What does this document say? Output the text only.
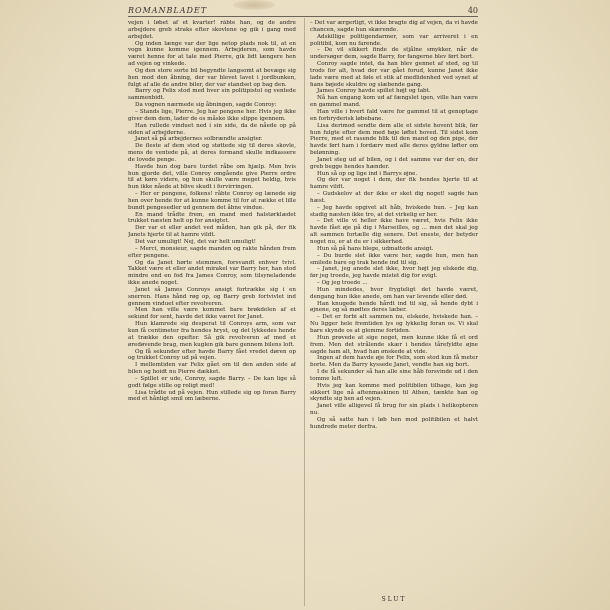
ROMANBLADET	40

vejen i løbet af et kvarter! råbte han, og de andre arbejdere greb straks efter skovlene og gik i gang med arbejdet.

Og inden længe var der lige netop plads nok til, at en vogn kunne komme igennem. Arbejderen, som havde været henne for at tale med Pierre, gik lidt længere hen ad vejen og vinkede.

Og den store sorte bil begyndte langsomt at bevæge sig hen mod den åbning, der var blevet lavet i jordbunken, fulgt af alle de andre biler, der var standset op bag den.

Barry og Felix stod med hver sin politipistol og ventede sammenbidt.

Da vognen nærmede sig åbningen, sagde Conroy:

– Stands lige, Pierre. Jeg har pengene her. Hvis jeg ikke giver dem dem, lader de os måske ikke slippe igennem.

Han rullede vinduet ned i sin side, da de nåede op på siden af arbejderne.

Janet så på arbejdernes solbrændte ansigter.

De fleste af dem stod og støttede sig til deres skovle, mens de ventede på, at deres formand skulle indkassere de lovede penge.

Havde hun dog bare turdet råbe om hjælp. Men hvis hun gjorde det, ville Conroy omgående give Pierre ordre til at køre videre, og hun skulle være meget heldig, hvis hun ikke nåede at blive skudt i forvirringen.

– Her er pengene, folkens! råbte Conroy og lænede sig hen over hende for at kunne komme til for at række et lille bundt pengesedler ud gennem det åbne vindue.

En mand trådte frem, en mand med halstørklædet trukket næsten helt op for ansigtet.

Der var et eller andet ved måden, han gik på, der fik Janets hjerte til at hamre vildt.

Det var umuligt! Nej, det var helt umuligt!

– Merci, monsieur, sagde manden og rakte hånden frem efter pengene.

Og da Janet hørte stemmen, forsvandt enhver tvivl. Takket være et eller andet mirakel var Barry her, han stod mindre end en fod fra James Conroy, som tilsyneladende ikke anede noget.

Janet så James Conroys ansigt fortrække sig i en snerren. Hans hånd røg op, og Barry greb fortvivlet ind gennem vinduet efter revolveren.

Men han ville være kommet bare brøkdelen af et sekund for sent, havde det ikke været for Janet.

Hun klamrede sig desperat til Conroys arm, som var kun få centimeter fra hendes hryst, og det lykkedes hende at trække den opefter. Så gik revolveren af med et øredøvende brag, men kuglen gik bare gennem bilens loft.

Og få sekunder efter havde Barry fået vredet døren op og trukket Conroy ud på vejen.

I mellemtiden var Felix gået om til den anden side af bilen og hoidt nu Pierre dækket.

– Spillet er ude, Conroy, sagde Barry. – De kan lige så godt følge stille og roligt med!

Lisa trådte ud på vejen. Hun stillede sig op foran Barry med et hånligt smil om læberne.

– Det var ærgerligt, vi ikke bragte dig af vejen, da vi havde chancen, sagde hun skærende.

Adskillige politigendarmer, som var arriveret i en politibil, kom nu farende.

– De vil sikkert finde de stjålne smykker, når de undersøger dem, sagde Barry, for fangerne blev ført bort.

Conroy sagde intet, da han blev gennet af sted, og til trods for alt, hvad der var gået forud, kunne Janet ikke lade være med at føle et stik af medlidenhed ved synet af hans bøjede skuldre og slæbende gang.

James Conroy havde spillet højt og tabt.

Nå han engang kom ud af fængslet igen, ville han være en gammel mand.

Han ville i hvert fald være for gammel til at genoptage en forbryderisk løbebane.

Lisa derimod sendte dem alle et sidste hovent blik, før hun fulgte efter dem med høje løftet hoved. Til sidst kom Pierre, med et rasende blik til den mand og den pige, der havde ført ham i fordærv med alle deres gyldne løfter om belønning.

Janet steg ud af bilen, og i det samme var der en, der greb begge hendes hænder.

Hun så op og lige ind i Barrys øjne.

Og der var noget i dem, der fik hendes hjerte til at hamre vildt.

– Gudskelov at der ikke er sket dig noget! sagde han hæst.

– Jeg havde opgivet alt håb, hviskede hun. – Jeg kan stadig næsten ikke tro, at det virkelig er her.

– Det ville vi heller ikke have været, hvis Felix ikke havde fået øje på dig i Marseilles, og ... men det skal jeg alt sammen fortælle dig senere. Det eneste, der betyder noget nu, er at du er i sikkerhed.

Hun så på hans blege, udmattede ansigt.

– Du burde slet ikke være her, sagde hun, men han smilede bare og trak hende ind til sig.

– Janet, jeg anede slet ikke, hvor højt jeg elskede dig, før jeg troede, jeg havde mistet dig for evigt.

– Og jeg troede ...

Hun mindedes, hvor frygteligt det havde været, dengang hun ikke anede, om han var levende eller død.

Han knugede hende hårdt ind til sig, så hende dybt i øjnene, og så mødtes deres læber.

– Det er forbi alt sammen nu, elskede, hviskede han. – Nu ligger hele fremtiden lys og lykkelig foran os. Vi skal bare skynde os at glemme fortiden.

Hun prøvede at sige noget, men kunne ikke få et ord frem. Men det strålende skær i hendes tårefyldte øjne sagde ham alt, hvad han ønskede at vide.

Ingen af dem havde øje for Felix, som stod kun få meter borte. Men da Barry kyssede Janet, vendte han sig bort.

I de få sekunder så han alle sine håb forsvinde ud i den tomme luft.

Hvis jeg kan komme med politibilen tilbage, kan jeg sikkert lige nå aftenmaskinen til Athen, tænkte han og skyndte sig hen ad vejen.

Janet ville alligevel få brug for sin plads i helikopteren nu.

Og så satte han i løb hen mod politibilen et halvt hundrede meter derfra.

SLUT
